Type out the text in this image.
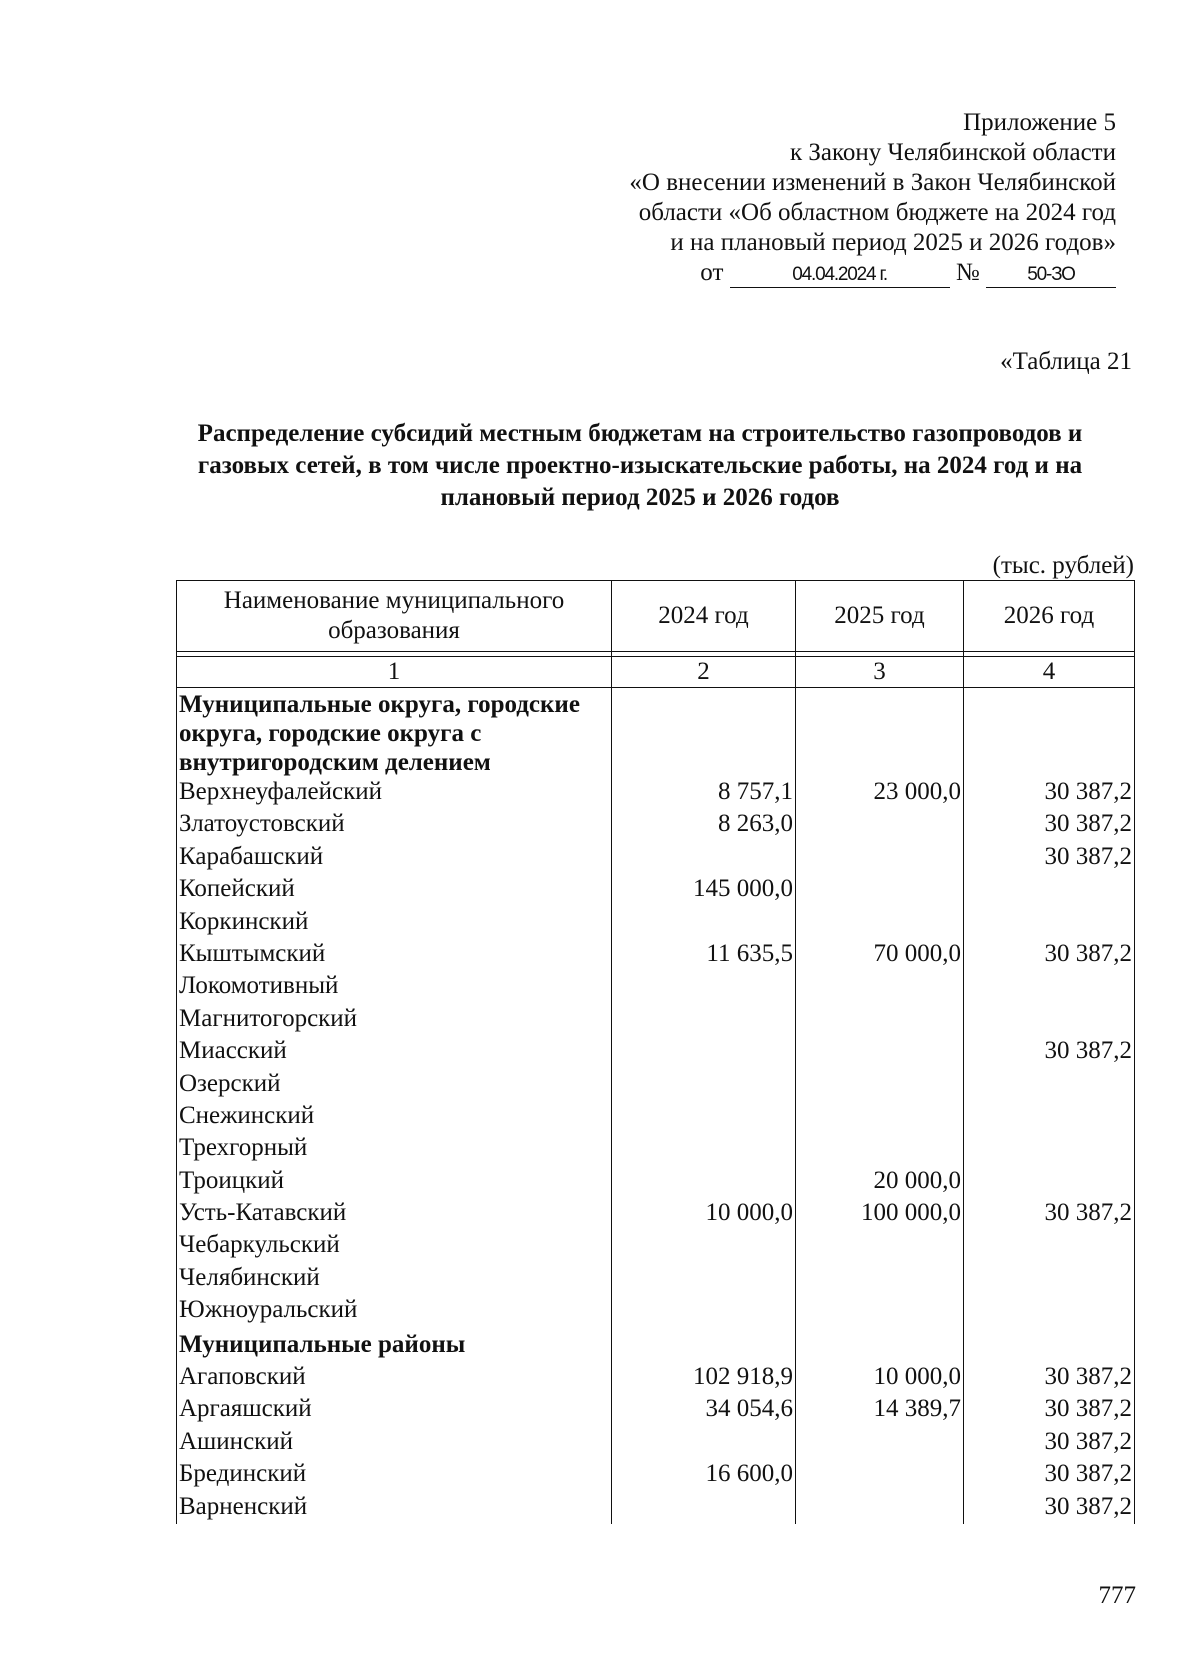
Приложение 5
к Закону Челябинской области
«О внесении изменений в Закон Челябинской
области «Об областном бюджете на 2024 год
и на плановый период 2025 и 2026 годов»
от	04.04.2024 г.	№ 50-ЗО
«Таблица 21
Распределение субсидий местным бюджетам на строительство газопроводов и газовых сетей, в том числе проектно-изыскательские работы, на 2024 год и на плановый период 2025 и 2026 годов
(тыс. рублей)
Наименование муниципального образования	2024 год	2025 год	2026 год

1	2	3	4
Муниципальные округа, городские округа, городские округа с внутригородским делением			
Верхнеуфалейский	8 757,1	23 000,0	30 387,2
Златоустовский	8 263,0		30 387,2
Карабашский			30 387,2
Копейский	145 000,0		
Коркинский			
Кыштымский	11 635,5	70 000,0	30 387,2
Локомотивный			
Магнитогорский			
Миасский			30 387,2
Озерский			
Снежинский			
Трехгорный			
Троицкий		20 000,0	
Усть-Катавский	10 000,0	100 000,0	30 387,2
Чебаркульский			
Челябинский			
Южноуральский			
Муниципальные районы			
Агаповский	102 918,9	10 000,0	30 387,2
Аргаяшский	34 054,6	14 389,7	30 387,2
Ашинский			30 387,2
Брединский	16 600,0		30 387,2
Варненский			30 387,2
777
